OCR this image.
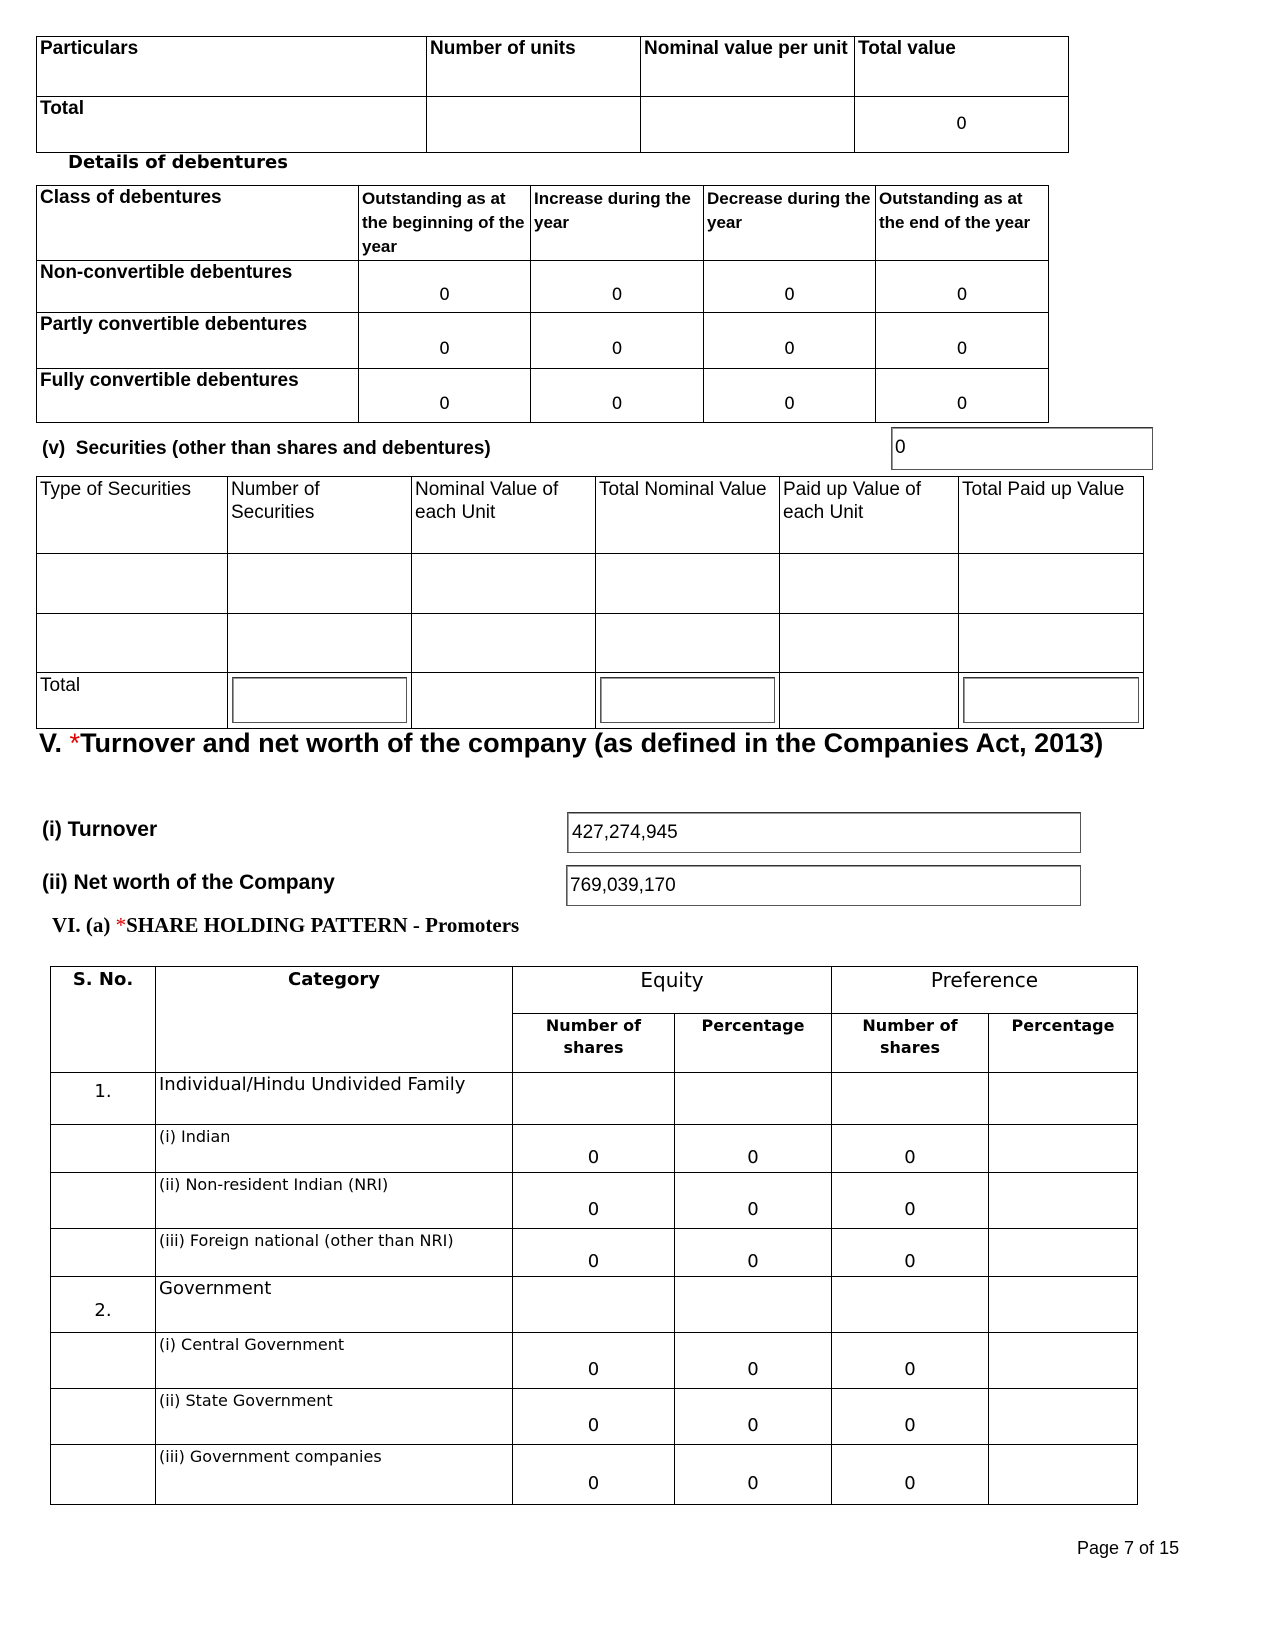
Particulars	Number of units	Nominal value per unit	Total value
Total			0
Details of debentures
Class of debentures	Outstanding as at the beginning of the year	Increase during the year	Decrease during the year	Outstanding as at the end of the year
Non-convertible debentures	0	0	0	0
Partly convertible debentures	0	0	0	0
Fully convertible debentures	0	0	0	0
(v)  Securities (other than shares and debentures)	0
Type of Securities	Number of Securities	Nominal Value of each Unit	Total Nominal Value	Paid up Value of each Unit	Total Paid up Value

Total	

V. *Turnover and net worth of the company (as defined in the Companies Act, 2013)
(i) Turnover	427,274,945
(ii) Net worth of the Company	769,039,170
VI. (a) *SHARE HOLDING PATTERN - Promoters
S. No.	Category	Equity		Preference	
		Number of shares	Percentage	Number of shares	Percentage
1.	Individual/Hindu Undivided Family				
	(i) Indian	0	0	0	
	(ii) Non-resident Indian (NRI)	0	0	0	
	(iii) Foreign national (other than NRI)	0	0	0	
2.	Government				
	(i) Central Government	0	0	0	
	(ii) State Government	0	0	0	
	(iii) Government companies	0	0	0	
Page 7 of 15
